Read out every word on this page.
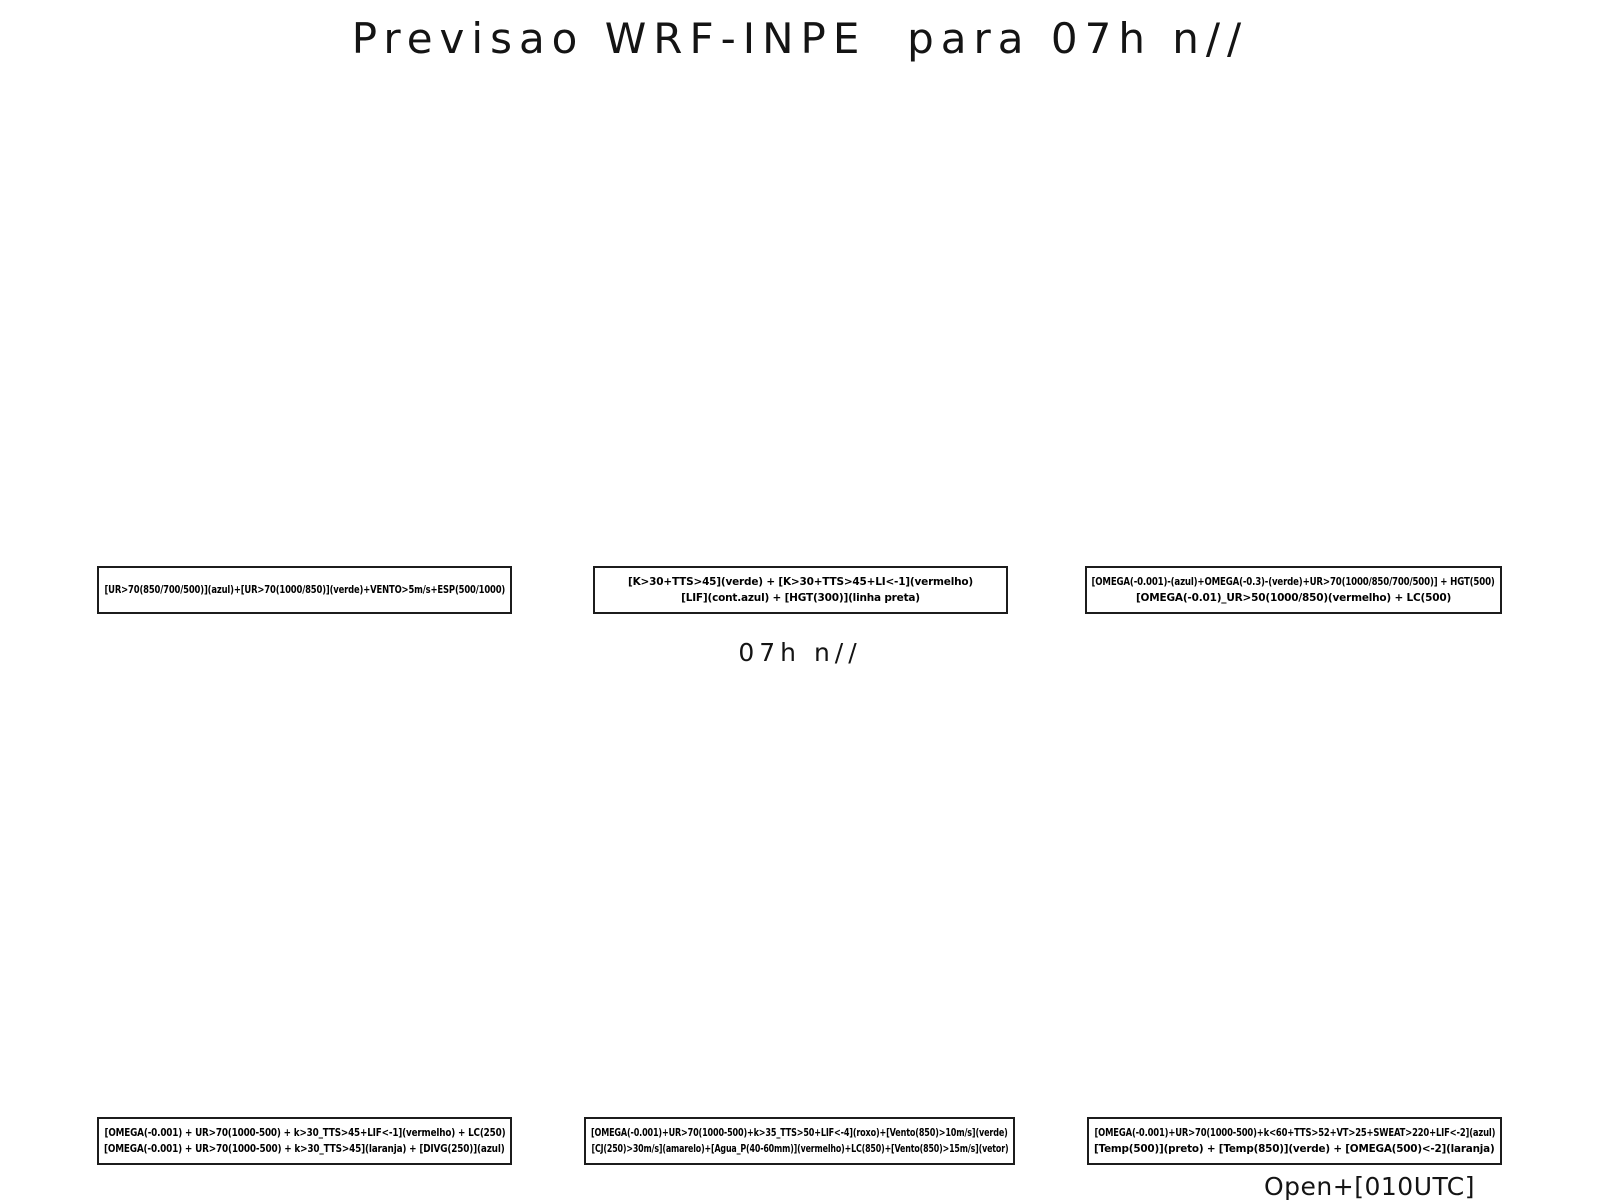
Previsao WRF-INPE  para 07h n//
[UR>70(850/700/500)](azul)+[UR>70(1000/850)](verde)+VENTO>5m/s+ESP(500/1000)
[K>30+TTS>45](verde) + [K>30+TTS>45+LI<-1](vermelho)
[LIF](cont.azul) + [HGT(300)](linha preta)
[OMEGA(-0.001)-(azul)+OMEGA(-0.3)-(verde)+UR>70(1000/850/700/500)] + HGT(500)
[OMEGA(-0.01)_UR>50(1000/850)(vermelho) + LC(500)
07h n//
[OMEGA(-0.001) + UR>70(1000-500) + k>30_TTS>45+LIF<-1](vermelho) + LC(250)
[OMEGA(-0.001) + UR>70(1000-500) + k>30_TTS>45](laranja) + [DIVG(250)](azul)
[OMEGA(-0.001)+UR>70(1000-500)+k>35_TTS>50+LIF<-4](roxo)+[Vento(850)>10m/s](verde)
[CJ(250)>30m/s](amarelo)+[Agua_P(40-60mm)](vermelho)+LC(850)+[Vento(850)>15m/s](vetor)
[OMEGA(-0.001)+UR>70(1000-500)+k<60+TTS>52+VT>25+SWEAT>220+LIF<-2](azul)
[Temp(500)](preto) + [Temp(850)](verde) + [OMEGA(500)<-2](laranja)
Open+[010UTC]
